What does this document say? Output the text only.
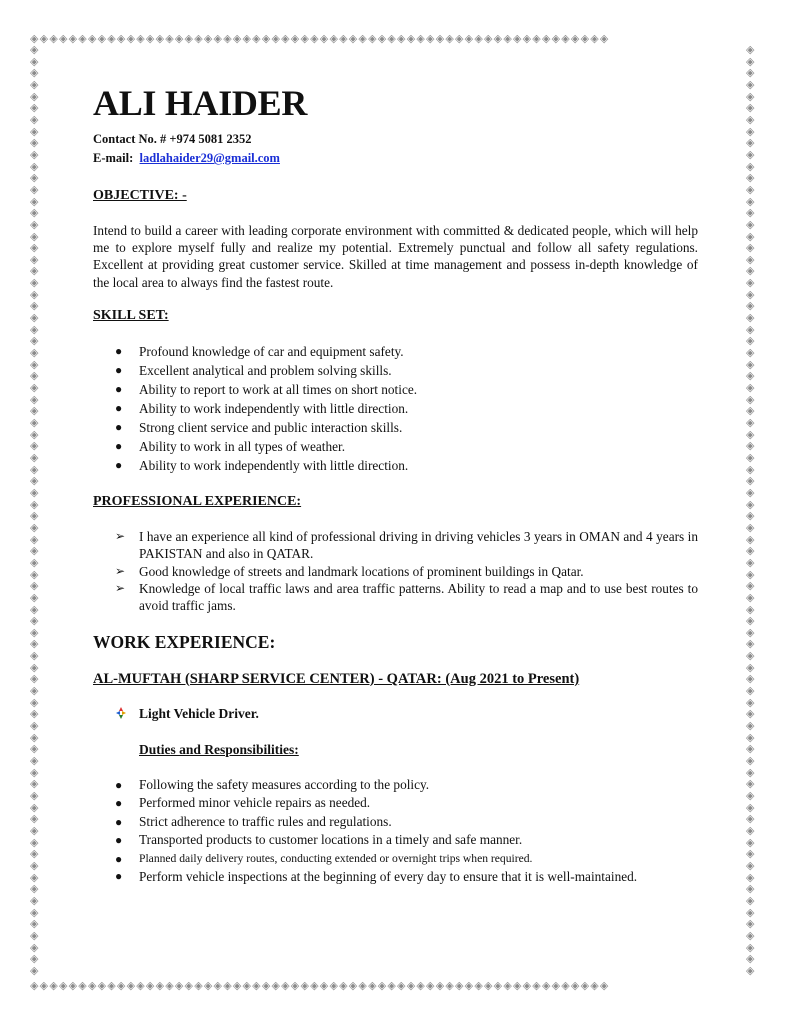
◈◈◈◈◈◈◈◈◈◈◈◈◈◈◈◈◈◈◈◈◈◈◈◈◈◈◈◈◈◈◈◈◈◈◈◈◈◈◈◈◈◈◈◈◈◈◈◈◈◈◈◈◈◈◈◈◈◈◈◈
◈◈◈◈◈◈◈◈◈◈◈◈◈◈◈◈◈◈◈◈◈◈◈◈◈◈◈◈◈◈◈◈◈◈◈◈◈◈◈◈◈◈◈◈◈◈◈◈◈◈◈◈◈◈◈◈◈◈◈◈
◈◈◈◈◈◈◈◈◈◈◈◈◈◈◈◈◈◈◈◈◈◈◈◈◈◈◈◈◈◈◈◈◈◈◈◈◈◈◈◈◈◈◈◈◈◈◈◈◈◈◈◈◈◈◈◈◈◈◈◈◈◈◈◈◈◈◈◈◈◈◈◈◈◈◈◈◈◈◈◈
◈◈◈◈◈◈◈◈◈◈◈◈◈◈◈◈◈◈◈◈◈◈◈◈◈◈◈◈◈◈◈◈◈◈◈◈◈◈◈◈◈◈◈◈◈◈◈◈◈◈◈◈◈◈◈◈◈◈◈◈◈◈◈◈◈◈◈◈◈◈◈◈◈◈◈◈◈◈◈◈
ALI HAIDER
Contact No. # +974 5081 2352
E-mail: ladlahaider29@gmail.com
OBJECTIVE: -

Intend to build a career with leading corporate environment with committed & dedicated people, which will help me to explore myself fully and realize my potential. Extremely punctual and follow all safety regulations. Excellent at providing great customer service. Skilled at time management and possess in-depth knowledge of the local area to always find the fastest route.

SKILL SET:
● Profound knowledge of car and equipment safety.
● Excellent analytical and problem solving skills.
● Ability to report to work at all times on short notice.
● Ability to work independently with little direction.
● Strong client service and public interaction skills.
● Ability to work in all types of weather.
● Ability to work independently with little direction.
PROFESSIONAL EXPERIENCE:
➢ I have an experience all kind of professional driving in driving vehicles 3 years in OMAN and 4 years in PAKISTAN and also in QATAR.
➢ Good knowledge of streets and landmark locations of prominent buildings in Qatar.
➢ Knowledge of local traffic laws and area traffic patterns. Ability to read a map and to use best routes to avoid traffic jams.
WORK EXPERIENCE:
AL-MUFTAH (SHARP SERVICE CENTER) - QATAR: (Aug 2021 to Present)
Light Vehicle Driver.
Duties and Responsibilities:
● Following the safety measures according to the policy.
● Performed minor vehicle repairs as needed.
● Strict adherence to traffic rules and regulations.
● Transported products to customer locations in a timely and safe manner.
● Planned daily delivery routes, conducting extended or overnight trips when required.
● Perform vehicle inspections at the beginning of every day to ensure that it is well-maintained.
